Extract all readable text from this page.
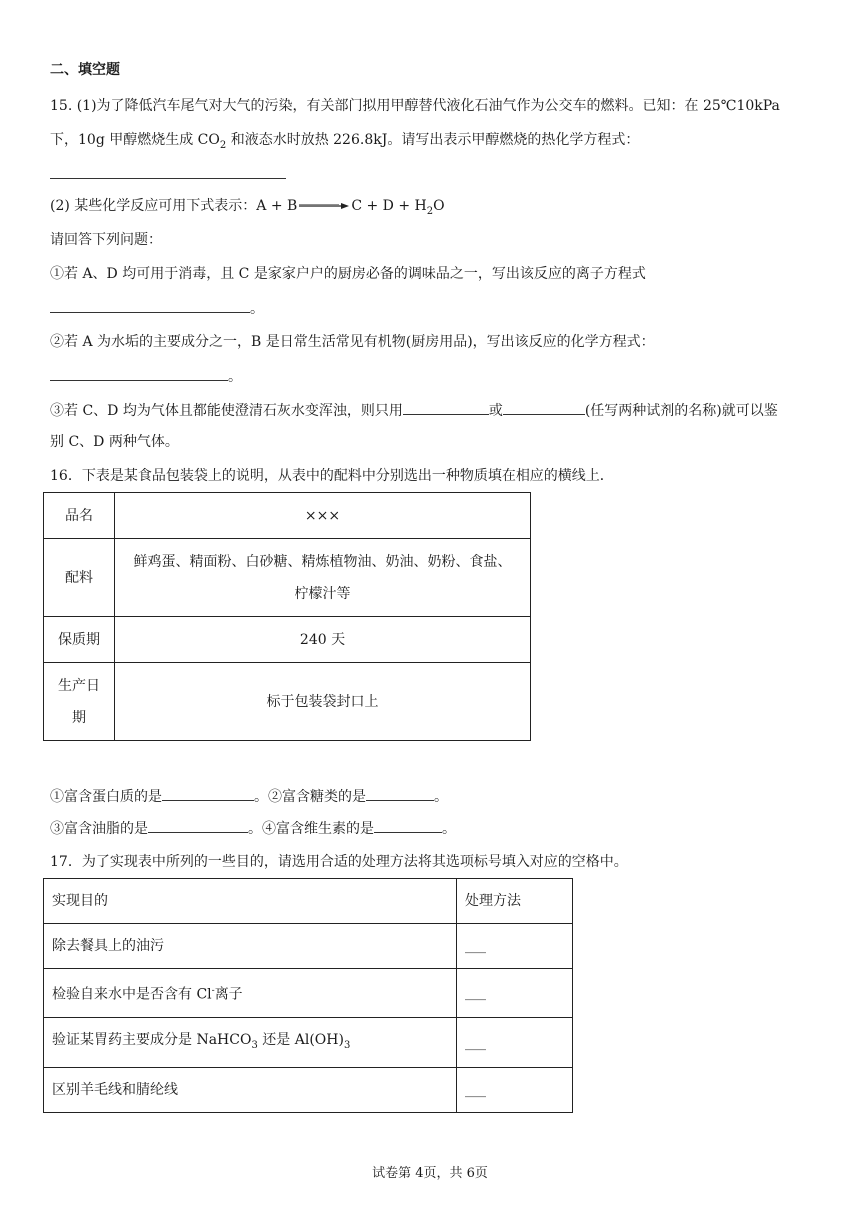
二、填空题
15. (1)为了降低汽车尾气对大气的污染，有关部门拟用甲醇替代液化石油气作为公交车的燃料。已知：在 25℃10kPa
下，10g 甲醇燃烧生成 $CO_2$ 和液态水时放热 226.8kJ。请写出表示甲醇燃烧的热化学方程式：
(2) 某些化学反应可用下式表示：A + B	$C + D + H_2O$
请回答下列问题：
①若 A、D 均可用于消毒，且 C 是家家户户的厨房必备的调味品之一，写出该反应的离子方程式
。
②若 A 为水垢的主要成分之一，B 是日常生活常见有机物(厨房用品)，写出该反应的化学方程式：
。
③若 C、D 均为气体且都能使澄清石灰水变浑浊，则只用	或	(任写两种试剂的名称)就可以鉴
别 C、D 两种气体。
16．下表是某食品包装袋上的说明，从表中的配料中分别选出一种物质填在相应的横线上．
品名	×××
配料	鲜鸡蛋、精面粉、白砂糖、精炼植物油、奶油、奶粉、食盐、
柠檬汁等

保质期	240 天

生产日
期	标于包装袋封口上
①富含蛋白质的是	。②富含糖类的是	。
③富含油脂的是	。④富含维生素的是	。
17．为了实现表中所列的一些目的，请选用合适的处理方法将其选项标号填入对应的空格中。
实现目的	处理方法
除去餐具上的油污	___
检验自来水中是否含有 Cl-离子	___
验证某胃药主要成分是 NaHCO$_3$ 还是 $Al(OH)_3$	___
区别羊毛线和腈纶线	___
试卷第 4页，共 6页
